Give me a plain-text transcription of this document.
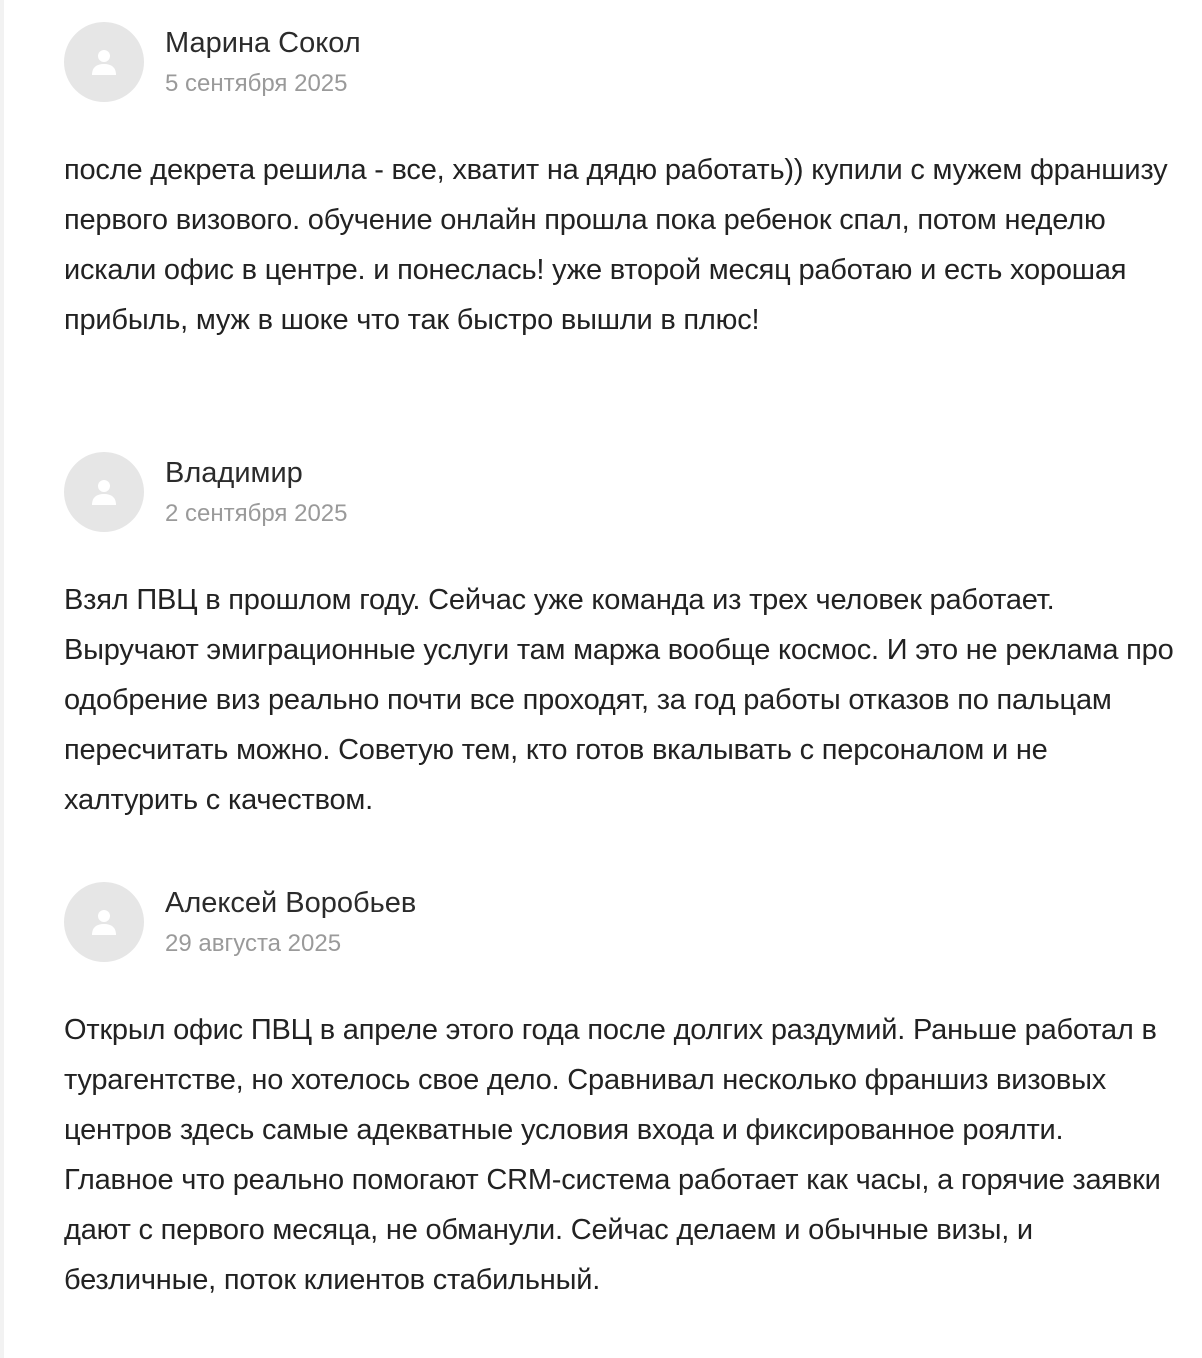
Марина Сокол
5 сентября 2025
после декрета решила - все, хватит на дядю работать)) купили с мужем франшизу первого визового. обучение онлайн прошла пока ребенок спал, потом неделю искали офис в центре. и понеслась! уже второй месяц работаю и есть хорошая прибыль, муж в шоке что так быстро вышли в плюс!
Владимир
2 сентября 2025
Взял ПВЦ в прошлом году. Сейчас уже команда из трех человек работает. Выручают эмиграционные услуги там маржа вообще космос. И это не реклама про одобрение виз реально почти все проходят, за год работы отказов по пальцам пересчитать можно. Советую тем, кто готов вкалывать с персоналом и не халтурить с качеством.
Алексей Воробьев
29 августа 2025
Открыл офис ПВЦ в апреле этого года после долгих раздумий. Раньше работал в турагентстве, но хотелось свое дело. Сравнивал несколько франшиз визовых центров здесь самые адекватные условия входа и фиксированное роялти. Главное что реально помогают CRM-система работает как часы, а горячие заявки дают с первого месяца, не обманули. Сейчас делаем и обычные визы, и безличные, поток клиентов стабильный.
